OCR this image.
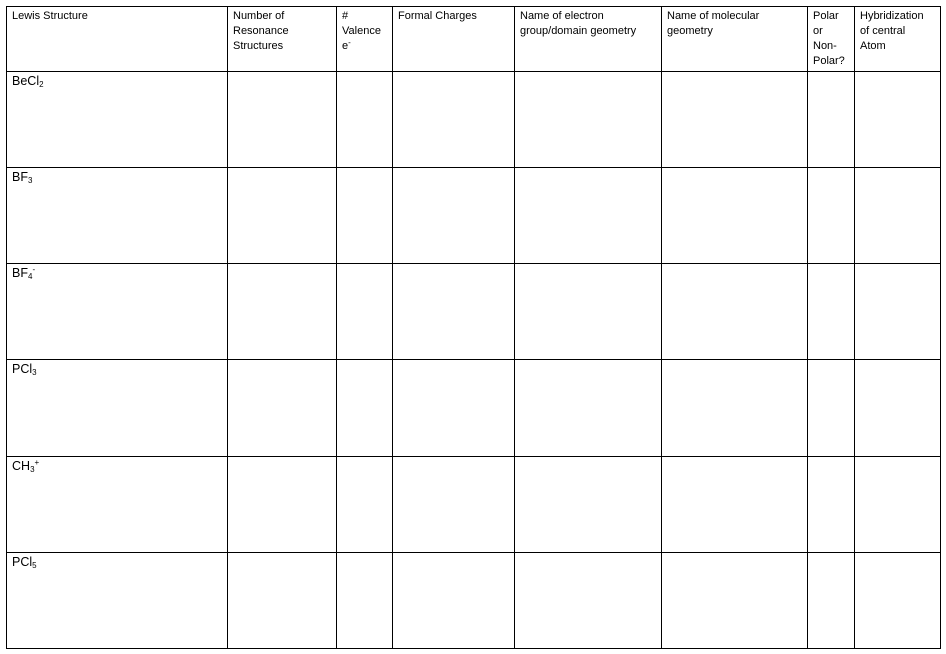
Lewis Structure	Number of
Resonance
Structures	#
Valence
e-	Formal Charges	Name of electron
group/domain geometry	Name of molecular
geometry	Polar
or
Non-
Polar?	Hybridization
of central
Atom

BeCl$_2$							
$BF_3$							
$BF_4^-$							
PCl$_3$							
$CH_3^+$							
PCl$_5$							
